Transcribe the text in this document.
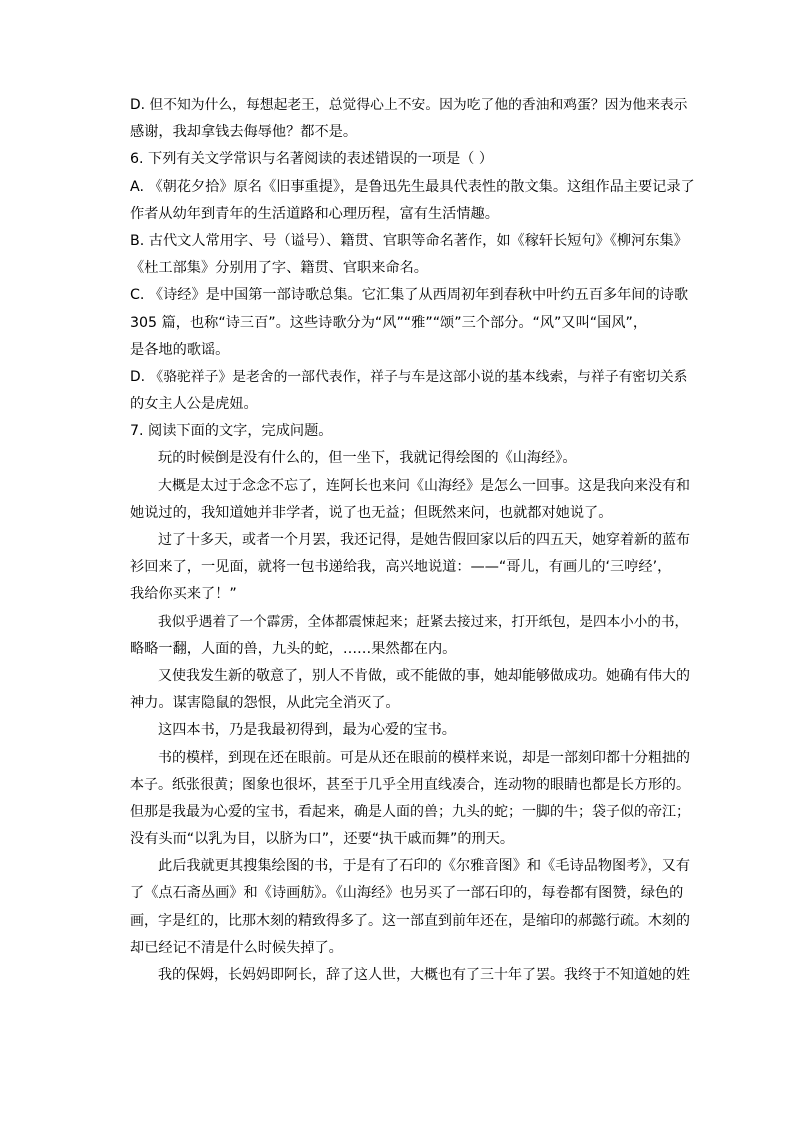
D. 但不知为什么，每想起老王，总觉得心上不安。因为吃了他的香油和鸡蛋？因为他来表示
感谢，我却拿钱去侮辱他？都不是。
6. 下列有关文学常识与名著阅读的表述错误的一项是（ ）
A. 《朝花夕拾》原名《旧事重提》，是鲁迅先生最具代表性的散文集。这组作品主要记录了
作者从幼年到青年的生活道路和心理历程，富有生活情趣。
B. 古代文人常用字、号（谥号）、籍贯、官职等命名著作，如《稼轩长短句》《柳河东集》
《杜工部集》分别用了字、籍贯、官职来命名。
C. 《诗经》是中国第一部诗歌总集。它汇集了从西周初年到春秋中叶约五百多年间的诗歌
305 篇，也称“诗三百”。这些诗歌分为“风”“雅”“颂”三个部分。“风”又叫“国风”，
是各地的歌谣。
D. 《骆驼祥子》是老舍的一部代表作，祥子与车是这部小说的基本线索，与祥子有密切关系
的女主人公是虎妞。
7. 阅读下面的文字，完成问题。
玩的时候倒是没有什么的，但一坐下，我就记得绘图的《山海经》。
大概是太过于念念不忘了，连阿长也来问《山海经》是怎么一回事。这是我向来没有和
她说过的，我知道她并非学者，说了也无益；但既然来问，也就都对她说了。
过了十多天，或者一个月罢，我还记得，是她告假回家以后的四五天，她穿着新的蓝布
衫回来了，一见面，就将一包书递给我，高兴地说道：——“哥儿，有画儿的‘三哼经’，
我给你买来了！”
我似乎遇着了一个霹雳，全体都震悚起来；赶紧去接过来，打开纸包，是四本小小的书，
略略一翻，人面的兽，九头的蛇，……果然都在内。
又使我发生新的敬意了，别人不肯做，或不能做的事，她却能够做成功。她确有伟大的
神力。谋害隐鼠的怨恨，从此完全消灭了。
这四本书，乃是我最初得到，最为心爱的宝书。
书的模样，到现在还在眼前。可是从还在眼前的模样来说，却是一部刻印都十分粗拙的
本子。纸张很黄；图象也很坏，甚至于几乎全用直线凑合，连动物的眼睛也都是长方形的。
但那是我最为心爱的宝书，看起来，确是人面的兽；九头的蛇；一脚的牛；袋子似的帝江；
没有头而“以乳为目，以脐为口”，还要“执干戚而舞”的刑天。
此后我就更其搜集绘图的书，于是有了石印的《尔雅音图》和《毛诗品物图考》，又有
了《点石斋丛画》和《诗画舫》。《山海经》也另买了一部石印的，每卷都有图赞，绿色的
画，字是红的，比那木刻的精致得多了。这一部直到前年还在，是缩印的郝懿行疏。木刻的
却已经记不清是什么时候失掉了。
我的保姆，长妈妈即阿长，辞了这人世，大概也有了三十年了罢。我终于不知道她的姓
